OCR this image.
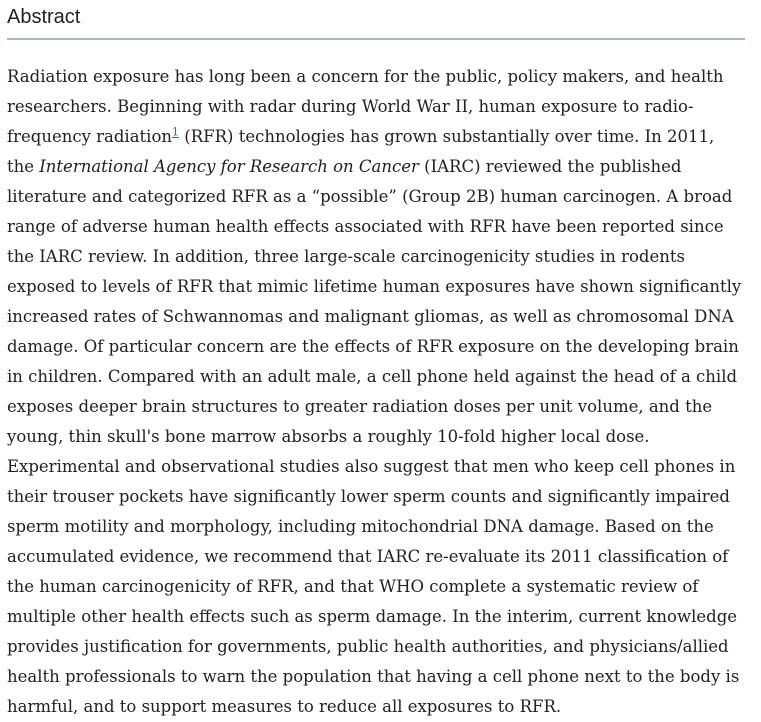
Abstract

Radiation exposure has long been a concern for the public, policy makers, and health researchers. Beginning with radar during World War II, human exposure to radio-frequency radiation$^1$ (RFR) technologies has grown substantially over time. In 2011, the International Agency for Research on Cancer (IARC) reviewed the published literature and categorized RFR as a “possible” (Group 2B) human carcinogen. A broad range of adverse human health effects associated with RFR have been reported since the IARC review. In addition, three large-scale carcinogenicity studies in rodents exposed to levels of RFR that mimic lifetime human exposures have shown significantly increased rates of Schwannomas and malignant gliomas, as well as chromosomal DNA damage. Of particular concern are the effects of RFR exposure on the developing brain in children. Compared with an adult male, a cell phone held against the head of a child exposes deeper brain structures to greater radiation doses per unit volume, and the young, thin skull's bone marrow absorbs a roughly 10-fold higher local dose. Experimental and observational studies also suggest that men who keep cell phones in their trouser pockets have significantly lower sperm counts and significantly impaired sperm motility and morphology, including mitochondrial DNA damage. Based on the accumulated evidence, we recommend that IARC re-evaluate its 2011 classification of the human carcinogenicity of RFR, and that WHO complete a systematic review of multiple other health effects such as sperm damage. In the interim, current knowledge provides justification for governments, public health authorities, and physicians/allied health professionals to warn the population that having a cell phone next to the body is harmful, and to support measures to reduce all exposures to RFR.
